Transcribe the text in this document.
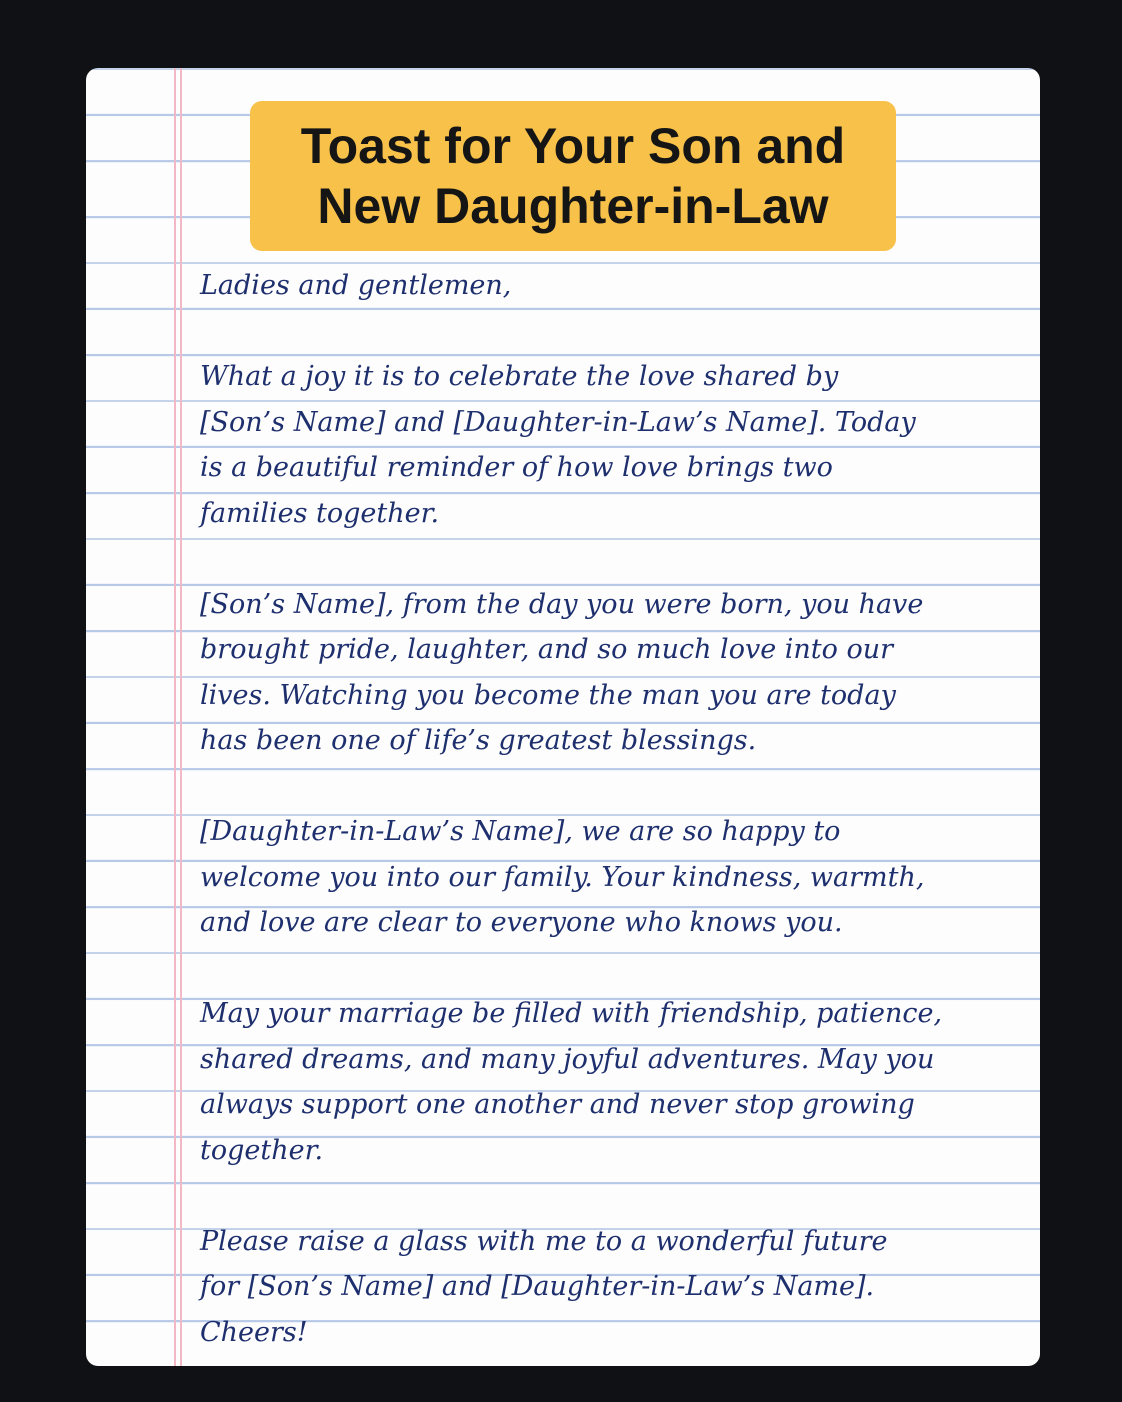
Toast for Your Son and
New Daughter-in-Law
Ladies and gentlemen,
What a joy it is to celebrate the love shared by
[Son’s Name] and [Daughter-in-Law’s Name]. Today
is a beautiful reminder of how love brings two
families together.
[Son’s Name], from the day you were born, you have
brought pride, laughter, and so much love into our
lives. Watching you become the man you are today
has been one of life’s greatest blessings.
[Daughter-in-Law’s Name], we are so happy to
welcome you into our family. Your kindness, warmth,
and love are clear to everyone who knows you.
May your marriage be filled with friendship, patience,
shared dreams, and many joyful adventures. May you
always support one another and never stop growing
together.
Please raise a glass with me to a wonderful future
for [Son’s Name] and [Daughter-in-Law’s Name].
Cheers!
